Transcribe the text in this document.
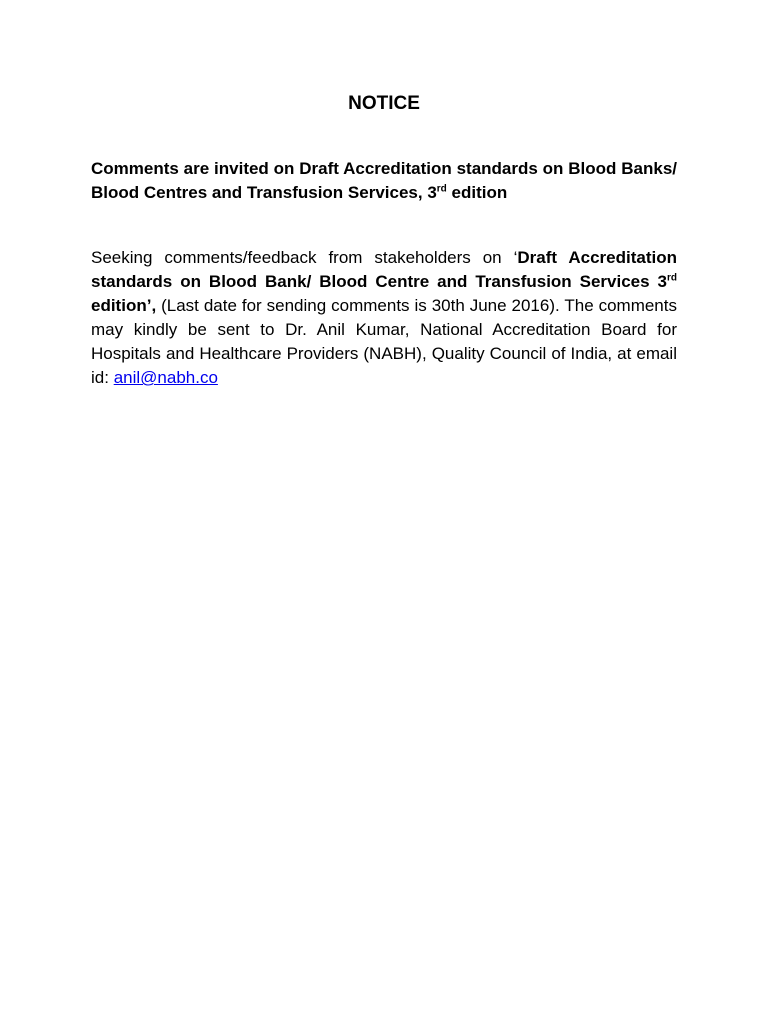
NOTICE

Comments are invited on Draft Accreditation standards on Blood Banks/ Blood Centres and Transfusion Services, 3rd edition

Seeking comments/feedback from stakeholders on ‘Draft Accreditation standards on Blood Bank/ Blood Centre and Transfusion Services 3rd edition’, (Last date for sending comments is 30th June 2016). The comments may kindly be sent to Dr. Anil Kumar, National Accreditation Board for Hospitals and Healthcare Providers (NABH), Quality Council of India, at email id: anil@nabh.co
